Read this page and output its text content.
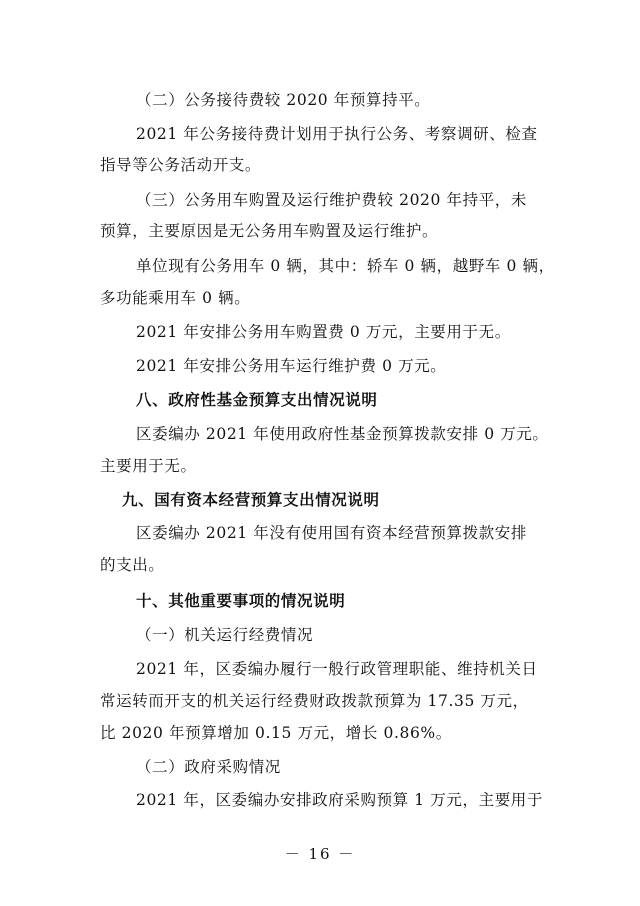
（二）公务接待费较 2020 年预算持平。
2021 年公务接待费计划用于执行公务、考察调研、检查
指导等公务活动开支。
（三）公务用车购置及运行维护费较 2020 年持平，未
预算，主要原因是无公务用车购置及运行维护。
单位现有公务用车 0 辆，其中：轿车 0 辆，越野车 0 辆，
多功能乘用车 0 辆。
2021 年安排公务用车购置费 0 万元，主要用于无。
2021 年安排公务用车运行维护费 0 万元。
八、政府性基金预算支出情况说明
区委编办 2021 年使用政府性基金预算拨款安排 0 万元。
主要用于无。
九、国有资本经营预算支出情况说明
区委编办 2021 年没有使用国有资本经营预算拨款安排
的支出。
十、其他重要事项的情况说明
（一）机关运行经费情况
2021 年，区委编办履行一般行政管理职能、维持机关日
常运转而开支的机关运行经费财政拨款预算为 17.35 万元，
比 2020 年预算增加 0.15 万元，增长 0.86%。
（二）政府采购情况
2021 年，区委编办安排政府采购预算 1 万元，主要用于
－ 16 －
